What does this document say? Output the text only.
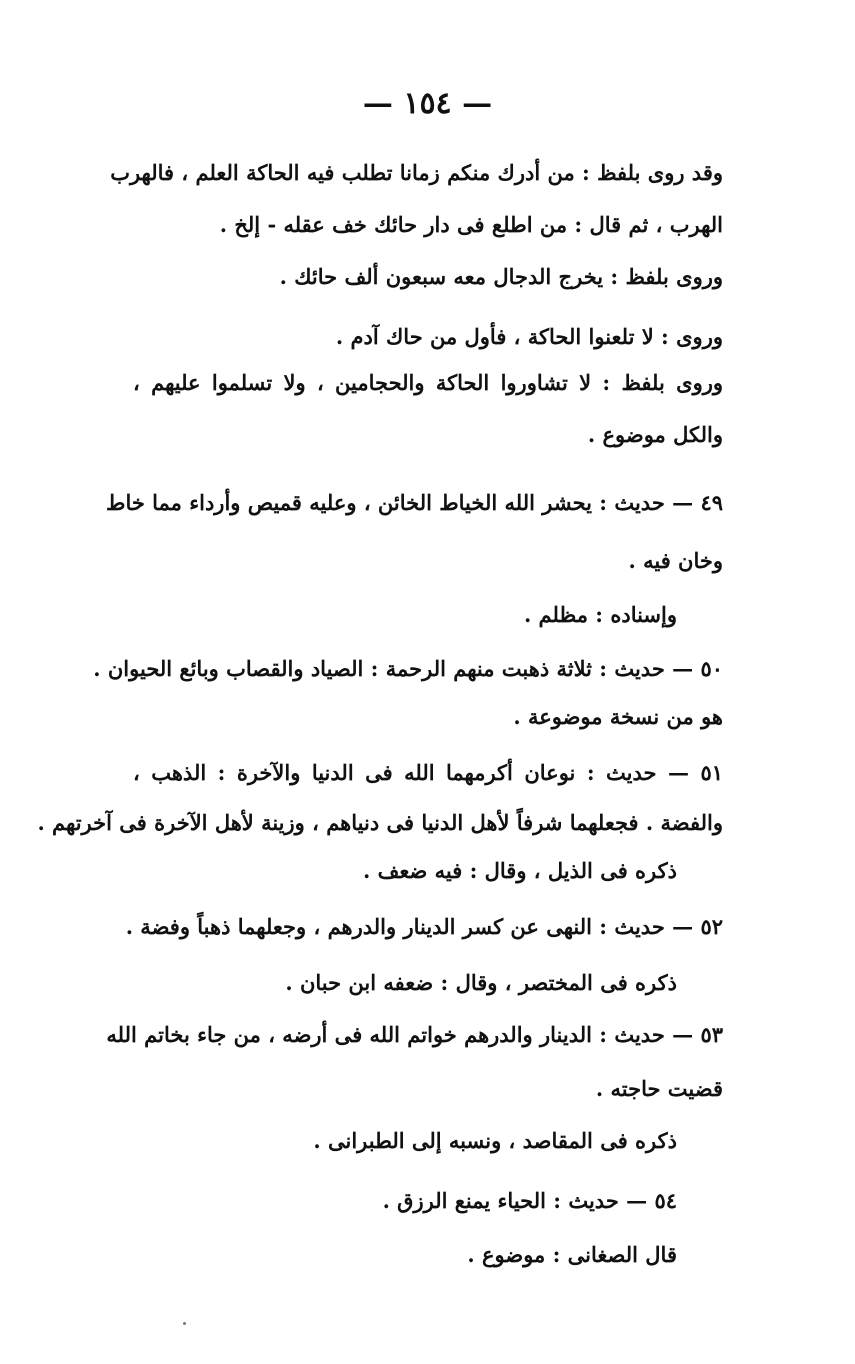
— ١٥٤ —
وقد روى بلفظ : من أدرك منكم زمانا تطلب فيه الحاكة العلم ، فالهرب
الهرب ، ثم قال : من اطلع فى دار حائك خف عقله - إلخ .
وروى بلفظ : يخرج الدجال معه سبعون ألف حائك .
وروى : لا تلعنوا الحاكة ، فأول من حاك آدم .
وروى بلفظ : لا تشاوروا الحاكة والحجامين ، ولا تسلموا عليهم ،
والكل موضوع .
٤٩ — حديث : يحشر الله الخياط الخائن ، وعليه قميص وأرداء مما خاط
وخان فيه .
وإسناده : مظلم .
٥٠ — حديث : ثلاثة ذهبت منهم الرحمة : الصياد والقصاب وبائع الحيوان .
هو من نسخة موضوعة .
٥١ — حديث : نوعان أكرمهما الله فى الدنيا والآخرة : الذهب ،
والفضة . فجعلهما شرفاً لأهل الدنيا فى دنياهم ، وزينة لأهل الآخرة فى آخرتهم .
ذكره فى الذيل ، وقال : فيه ضعف .
٥٢ — حديث : النهى عن كسر الدينار والدرهم ، وجعلهما ذهباً وفضة .
ذكره فى المختصر ، وقال : ضعفه ابن حبان .
٥٣ — حديث : الدينار والدرهم خواتم الله فى أرضه ، من جاء بخاتم الله
قضيت حاجته .
ذكره فى المقاصد ، ونسبه إلى الطبرانى .
٥٤ — حديث : الحياء يمنع الرزق .
قال الصغانى : موضوع .
